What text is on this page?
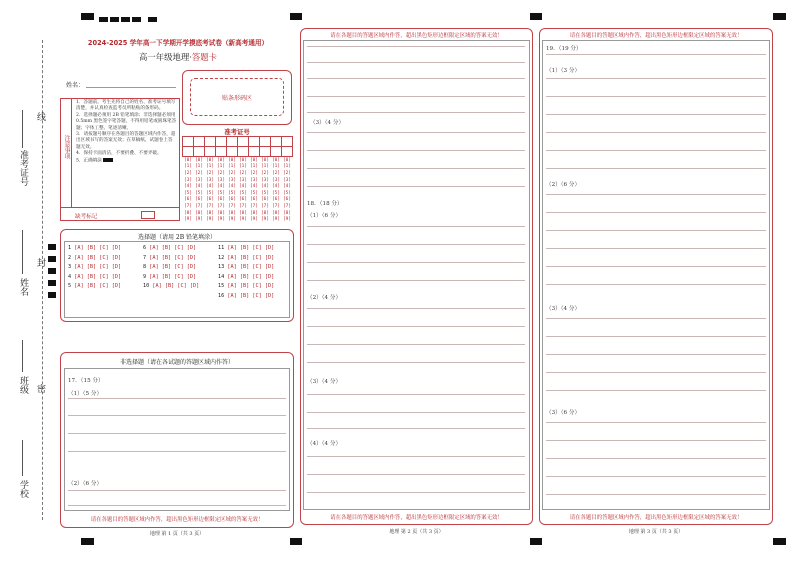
准考证号
线
姓名
封
班级 密
学校
2024-2025 学年高一下学期开学摸底考试卷（新高考通用）
高一年级地理·答题卡
姓名：
贴条形码区
注意事项
1．答题前，考生先将自己的姓名、准考证号填写清楚，并认真检查监考员所粘贴的条形码。
2．选择题必须用 2B 铅笔填涂；非选择题必须用 0.5mm 黑色签字笔答题，不得用铅笔或圆珠笔答题；字体工整、笔迹清晰。
3．请按题号顺序在各题目的答题区域内作答，超出区域书写的答案无效；在草稿纸、试题卷上答题无效。
4．保持卡面清洁，不要折叠、不要弄破。
5．正确填涂
缺考标记
准考证号

[0]	[0]	[0]	[0]	[0]	[0]	[0]	[0]	[0]	[0]
[1]	[1]	[1]	[1]	[1]	[1]	[1]	[1]	[1]	[1]
[2]	[2]	[2]	[2]	[2]	[2]	[2]	[2]	[2]	[2]
[3]	[3]	[3]	[3]	[3]	[3]	[3]	[3]	[3]	[3]
[4]	[4]	[4]	[4]	[4]	[4]	[4]	[4]	[4]	[4]
[5]	[5]	[5]	[5]	[5]	[5]	[5]	[5]	[5]	[5]
[6]	[6]	[6]	[6]	[6]	[6]	[6]	[6]	[6]	[6]
[7]	[7]	[7]	[7]	[7]	[7]	[7]	[7]	[7]	[7]
[8]	[8]	[8]	[8]	[8]	[8]	[8]	[8]	[8]	[8]
[9]	[9]	[9]	[9]	[9]	[9]	[9]	[9]	[9]	[9]
选择题（请用 2B 铅笔填涂）
1 [A] [B] [C] [D]
2 [A] [B] [C] [D]
3 [A] [B] [C] [D]
4 [A] [B] [C] [D]
5 [A] [B] [C] [D]
6 [A] [B] [C] [D]
7 [A] [B] [C] [D]
8 [A] [B] [C] [D]
9 [A] [B] [C] [D]
10 [A] [B] [C] [D]
11 [A] [B] [C] [D]
12 [A] [B] [C] [D]
13 [A] [B] [C] [D]
14 [A] [B] [C] [D]
15 [A] [B] [C] [D]
16 [A] [B] [C] [D]
非选择题（请在各试题的答题区域内作答）
17．（15 分）
（1）（5 分）
（2）（6 分）
请在各题目的答题区域内作答，超出黑色矩形边框限定区域的答案无效！
地理 第 1 页（共 3 页）
请在各题目的答题区域内作答，超出黑色矩形边框限定区域的答案无效！
（3）（4 分）
18．（18 分）
（1）（6 分）
（2）（4 分）
（3）（4 分）
（4）（4 分）
请在各题目的答题区域内作答，超出黑色矩形边框限定区域的答案无效！
地理 第 2 页（共 3 页）
请在各题目的答题区域内作答，超出黑色矩形边框限定区域的答案无效！
19．（19 分）
（1）（3 分）
（2）（6 分）
（3）（4 分）
（3）（6 分）
请在各题目的答题区域内作答，超出黑色矩形边框限定区域的答案无效！
地理 第 3 页（共 3 页）
